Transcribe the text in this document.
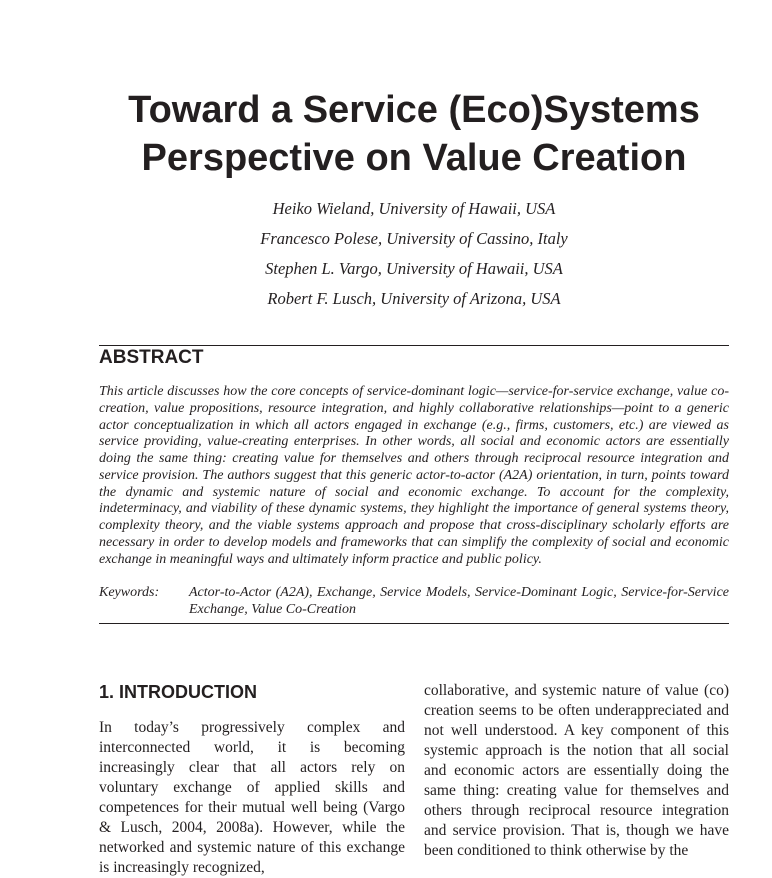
Toward a Service (Eco)Systems
Perspective on Value Creation
Heiko Wieland, University of Hawaii, USA
Francesco Polese, University of Cassino, Italy
Stephen L. Vargo, University of Hawaii, USA
Robert F. Lusch, University of Arizona, USA
ABSTRACT

This article discusses how the core concepts of service-dominant logic—service-for-service exchange, value co-creation, value propositions, resource integration, and highly collaborative relationships—point to a generic actor conceptualization in which all actors engaged in exchange (e.g., firms, customers, etc.) are viewed as service providing, value-creating enterprises. In other words, all social and economic actors are essentially doing the same thing: creating value for themselves and others through reciprocal resource integration and service provision. The authors suggest that this generic actor-to-actor (A2A) orientation, in turn, points toward the dynamic and systemic nature of social and economic exchange. To account for the complexity, indeterminacy, and viability of these dynamic systems, they highlight the importance of general systems theory, complexity theory, and the viable systems approach and propose that cross-disciplinary scholarly efforts are necessary in order to develop models and frameworks that can simplify the complexity of social and economic exchange in meaningful ways and ultimately inform practice and public policy.

Keywords:	Actor-to-Actor (A2A), Exchange, Service Models, Service-Dominant Logic, Service-for-Service Exchange, Value Co-Creation
1. INTRODUCTION

In today’s progressively complex and interconnected world, it is becoming increasingly clear that all actors rely on voluntary exchange of applied skills and competences for their mutual well being (Vargo & Lusch, 2004, 2008a). However, while the networked and systemic nature of this exchange is increasingly recognized,

collaborative, and systemic nature of value (co) creation seems to be often underappreciated and not well understood. A key component of this systemic approach is the notion that all social and economic actors are essentially doing the same thing: creating value for themselves and others through reciprocal resource integration and service provision. That is, though we have been conditioned to think otherwise by the
